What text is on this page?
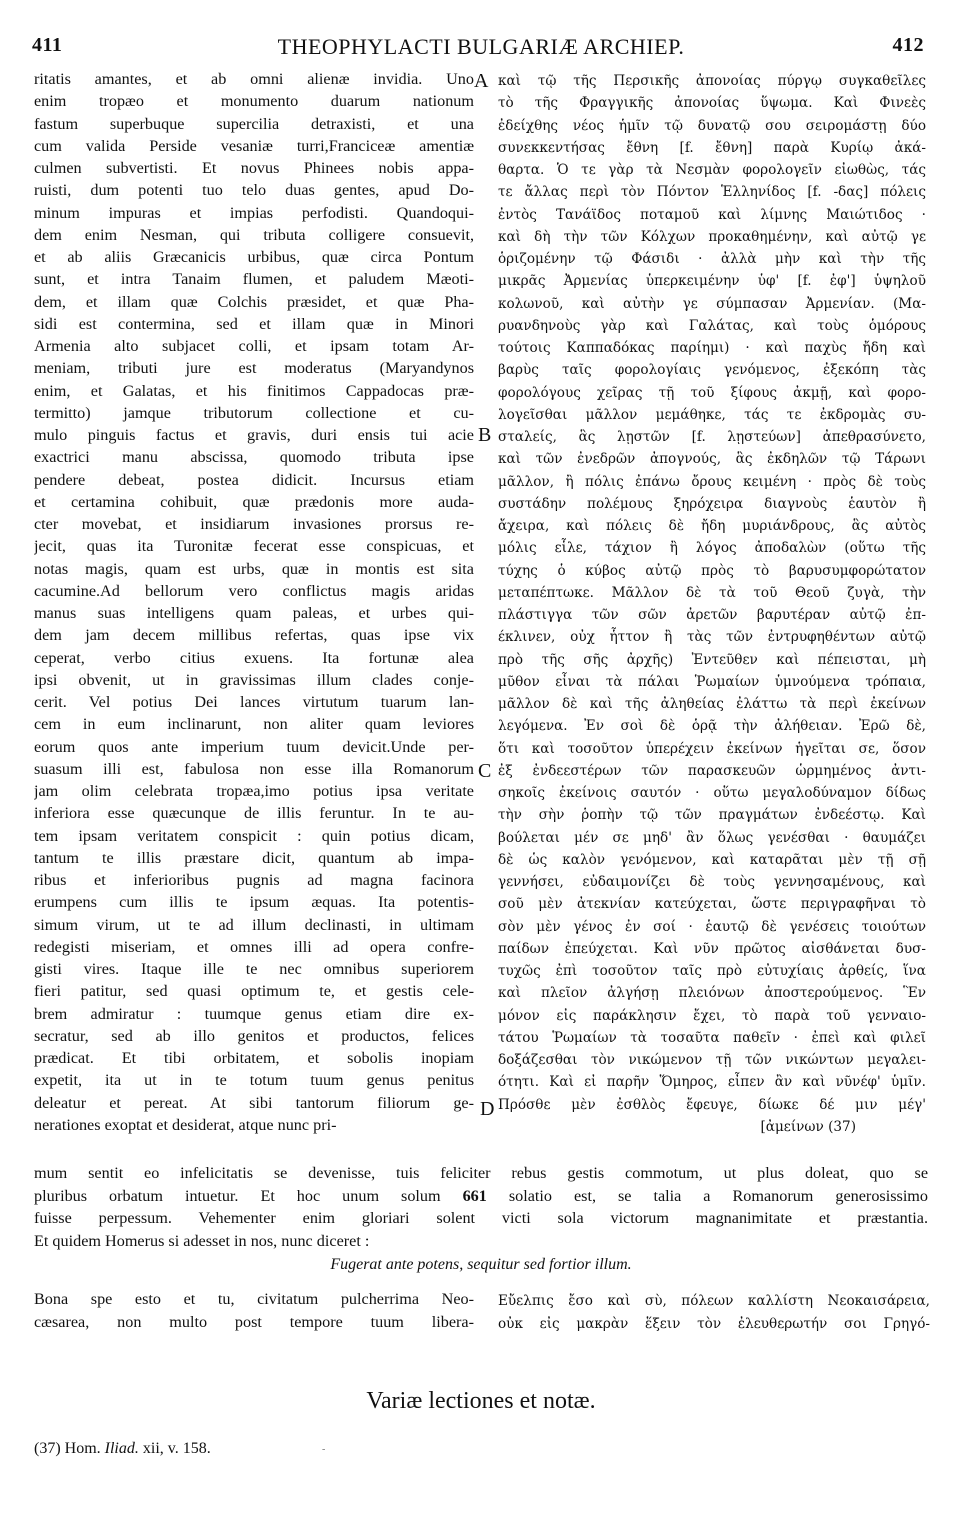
411	THEOPHYLACTI BULGARIÆ ARCHIEP.	412
ritatis amantes, et ab omni alienæ invidia. Uno
enim tropæo et monumento duarum nationum
fastum superbuque supercilia detraxisti, et una
cum valida Perside vesaniæ turri,Franciceæ amentiæ
culmen subvertisti. Et novus Phinees nobis appa-
ruisti, dum potenti tuo telo duas gentes, apud Do-
minum impuras et impias perfodisti. Quandoqui-
dem enim Nesman, qui tributa colligere consuevit,
et ab aliis Græcanicis urbibus, quæ circa Pontum
sunt, et intra Tanaim flumen, et paludem Mæoti-
dem, et illam quæ Colchis præsidet, et quæ Pha-
sidi est contermina, sed et illam quæ in Minori
Armenia alto subjacet colli, et ipsam totam Ar-
meniam, tributi jure est moderatus (Maryandynos
enim, et Galatas, et his finitimos Cappadocas præ-
termitto) jamque tributorum collectione et cu-
mulo pinguis factus et gravis, duri ensis tui acie
exactrici manu abscissa, quomodo tributa ipse
pendere debeat, postea didicit. Incursus etiam
et certamina cohibuit, quæ prædonis more auda-
cter movebat, et insidiarum invasiones prorsus re-
jecit, quas ita Turonitæ fecerat esse conspicuas, et
notas magis, quam est urbs, quæ in montis est sita
cacumine.Ad bellorum vero conflictus magis aridas
manus suas intelligens quam paleas, et urbes qui-
dem jam decem millibus refertas, quas ipse vix
ceperat, verbo citius exuens. Ita fortunæ alea
ipsi obvenit, ut in gravissimas illum clades conje-
cerit. Vel potius Dei lances virtutum tuarum lan-
cem in eum inclinarunt, non aliter quam leviores
eorum quos ante imperium tuum devicit.Unde per-
suasum illi est, fabulosa non esse illa Romanorum
jam olim celebrata tropæa,imo potius ipsa veritate
inferiora esse quæcunque de illis feruntur. In te au-
tem ipsam veritatem conspicit : quin potius dicam,
tantum te illis præstare dicit, quantum ab impa-
ribus et inferioribus pugnis ad magna facinora
erumpens cum illis te ipsum æquas. Ita potentis-
simum virum, ut te ad illum declinasti, in ultimam
redegisti miseriam, et omnes illi ad opera confre-
gisti vires. Itaque ille te nec omnibus superiorem
fieri patitur, sed quasi optimum te, et gestis cele-
brem admiratur : tuumque genus etiam dire ex-
secratur, sed ab illo genitos et productos, felices
prædicat. Et tibi orbitatem, et sobolis inopiam
expetit, ita ut in te totum tuum genus penitus
deleatur et pereat. At sibi tantorum filiorum ge-
nerationes exoptat et desiderat, atque nunc pri-
καὶ τῷ τῆς Περσικῆς ἀπονοίας πύργῳ συγκαθεῖλες
τὸ τῆς Φραγγικῆς ἀπονοίας ὕψωμα. Καὶ Φινεὲς
ἐδείχθης νέος ἡμῖν τῷ δυνατῷ σου σειρομάστῃ δύο
συνεκκεντήσας ἔθνη [f. ἔθνη] παρὰ Κυρίῳ ἀκά-
θαρτα. Ὁ τε γὰρ τὰ Νεσμὰν φορολογεῖν εἰωθὼς, τάς
τε ἄλλας περὶ τὸν Πόντον Ἑλληνίδος [f. -δας] πόλεις
ἐντὸς Τανάϊδος ποταμοῦ καὶ λίμνης Μαιώτιδος ·
καὶ δὴ τὴν τῶν Κόλχων προκαθημένην, καὶ αὐτῷ γε
ὁριζομένην τῷ Φάσιδι · ἀλλὰ μὴν καὶ τὴν τῆς
μικρᾶς Ἀρμενίας ὑπερκειμένην ὑφ' [f. ἐφ'] ὑψηλοῦ
κολωνοῦ, καὶ αὐτὴν γε σύμπασαν Ἀρμενίαν. (Μα-
ρυανδηνοὺς γὰρ καὶ Γαλάτας, καὶ τοὺς ὁμόρους
τούτοις Καππαδόκας παρίημι) · καὶ παχὺς ἤδη καὶ
βαρὺς ταῖς φορολογίαις γενόμενος, ἐξεκόπη τὰς
φορολόγους χεῖρας τῇ τοῦ ξίφους ἀκμῇ, καὶ φορο-
λογεῖσθαι μᾶλλον μεμάθηκε, τάς τε ἐκδρομὰς συ-
σταλείς, ἃς λῃστῶν [f. λῃστεύων] ἀπεθρασύνετο,
καὶ τῶν ἐνεδρῶν ἀπογνούς, ἃς ἐκδηλῶν τῷ Τάρωνι
μᾶλλον, ἢ πόλις ἐπάνω ὄρους κειμένη · πρὸς δὲ τοὺς
συστάδην πολέμους ξηρόχειρα διαγνοὺς ἑαυτὸν ἢ
ἄχειρα, καὶ πόλεις δὲ ἤδη μυριάνδρους, ἃς αὐτὸς
μόλις εἷλε, τάχιον ἢ λόγος ἀποδαλὼν (οὕτω τῆς
τύχης ὁ κύβος αὐτῷ πρὸς τὸ βαρυσυμφορώτατον
μεταπέπτωκε. Μᾶλλον δὲ τὰ τοῦ Θεοῦ ζυγὰ, τὴν
πλάστιγγα τῶν σῶν ἀρετῶν βαρυτέραν αὐτῷ ἐπ-
έκλινεν, οὐχ ἧττον ἢ τὰς τῶν ἐντρυφηθέντων αὐτῷ
πρὸ τῆς σῆς ἀρχῆς) Ἐντεῦθεν καὶ πέπεισται, μὴ
μῦθον εἶναι τὰ πάλαι Ῥωμαίων ὑμνούμενα τρόπαια,
μᾶλλον δὲ καὶ τῆς ἀληθείας ἐλάττω τὰ περὶ ἐκείνων
λεγόμενα. Ἐν σοὶ δὲ ὁρᾷ τὴν ἀλήθειαν. Ἐρῶ δὲ,
ὅτι καὶ τοσοῦτον ὑπερέχειν ἐκείνων ἡγεῖται σε, ὅσον
ἐξ ἐνδεεστέρων τῶν παρασκευῶν ὡρμημένος ἀντι-
σηκοῖς ἐκείνοις σαυτόν · οὕτω μεγαλοδύναμον δίδως
τὴν σὴν ῥοπὴν τῷ τῶν πραγμάτων ἐνδεέστῳ. Καὶ
βούλεται μέν σε μηδ' ἂν ὅλως γενέσθαι · θαυμάζει
δὲ ὡς καλὸν γενόμενον, καὶ καταρᾶται μὲν τῇ σῇ
γεννήσει, εὐδαιμονίζει δὲ τοὺς γεννησαμένους, καὶ
σοῦ μὲν ἀτεκνίαν κατεύχεται, ὥστε περιγραφῆναι τὸ
σὸν μὲν γένος ἐν σοί · ἑαυτῷ δὲ γενέσεις τοιούτων
παίδων ἐπεύχεται. Καὶ νῦν πρῶτος αἰσθάνεται δυσ-
τυχῶς ἐπὶ τοσοῦτον ταῖς πρὸ εὐτυχίαις ἀρθείς, ἵνα
καὶ πλεῖον ἀλγήσῃ πλειόνων ἀποστερούμενος. Ἓν
μόνον εἰς παράκλησιν ἔχει, τὸ παρὰ τοῦ γενναιο-
τάτου Ῥωμαίων τὰ τοσαῦτα παθεῖν · ἐπεὶ καὶ φιλεῖ
δοξάζεσθαι τὸν νικώμενον τῇ τῶν νικώντων μεγαλει-
ότητι. Καὶ εἰ παρῆν Ὅμηρος, εἶπεν ἂν καὶ νῦνέφ' ὑμῖν.
Πρόσθε μὲν ἐσθλὸς ἔφευγε, δίωκε δέ μιν μέγ'
[ἀμείνων (37)
A
B
C
D
mum sentit eo infelicitatis se devenisse, tuis feliciter rebus gestis commotum, ut plus doleat, quo se
pluribus orbatum intuetur. Et hoc unum solum 661 solatio est, se talia a Romanorum generosissimo
fuisse perpessum. Vehementer enim gloriari solent victi sola victorum magnanimitate et præstantia.
Et quidem Homerus si adesset in nos, nunc diceret :
Fugerat ante potens, sequitur sed fortior illum.
Bona spe esto et tu, civitatum pulcherrima Neo-
cæsarea, non multo post tempore tuum libera-
Εὔελπις ἔσο καὶ σὺ, πόλεων καλλίστη Νεοκαισάρεια,
οὐκ εἰς μακρὰν ἕξειν τὸν ἐλευθερωτήν σοι Γρηγό-
Variæ lectiones et notæ.
(37) Hom. Iliad. xii, v. 158.	-
